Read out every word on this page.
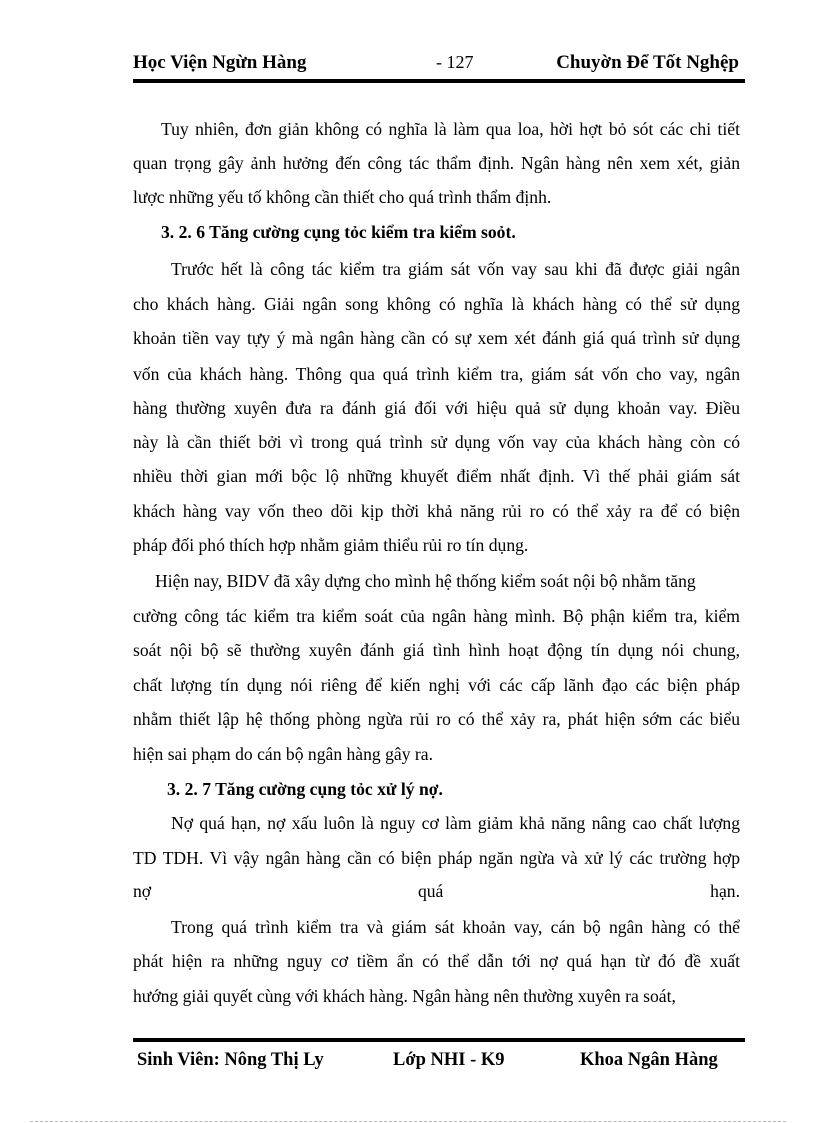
Học Viện Ngừn Hàng	- 127	Chuyờn Để Tốt Nghệp
Tuy nhiên, đơn giản không có nghĩa là làm qua loa, hời hợt bỏ sót các chi tiết
quan trọng gây ảnh hưởng đến công tác thẩm định. Ngân hàng nên xem xét, giản
lược những yếu tố không cần thiết cho quá trình thẩm định.
3. 2. 6 Tăng cường cụng tỏc kiểm tra kiểm soỏt.
Trước hết là công tác kiểm tra giám sát vốn vay sau khi đã được giải ngân
cho khách hàng. Giải ngân song không có nghĩa là khách hàng có thể sử dụng
khoản tiền vay tựy ý mà ngân hàng cần có sự xem xét đánh giá quá trình sử dụng
vốn của khách hàng. Thông qua quá trình kiểm tra, giám sát vốn cho vay, ngân
hàng thường xuyên đưa ra đánh giá đối với hiệu quả sử dụng khoản vay. Điều
này là cần thiết bởi vì trong quá trình sử dụng vốn vay của khách hàng còn có
nhiều thời gian mới bộc lộ những khuyết điểm nhất định. Vì thế phải giám sát
khách hàng vay vốn theo dõi kịp thời khả năng rủi ro có thể xảy ra để có biện
pháp đối phó thích hợp nhằm giảm thiểu rủi ro tín dụng.
Hiện nay, BIDV đã xây dựng cho mình hệ thống kiểm soát nội bộ nhằm tăng
cường công tác kiểm tra kiểm soát của ngân hàng mình. Bộ phận kiểm tra, kiểm
soát nội bộ sẽ thường xuyên đánh giá tình hình hoạt động tín dụng nói chung,
chất lượng tín dụng nói riêng để kiến nghị với các cấp lãnh đạo các biện pháp
nhằm thiết lập hệ thống phòng ngừa rủi ro có thể xảy ra, phát hiện sớm các biểu
hiện sai phạm do cán bộ ngân hàng gây ra.
3. 2. 7 Tăng cường cụng tỏc xử lý nợ.
Nợ quá hạn, nợ xấu luôn là nguy cơ làm giảm khả năng nâng cao chất lượng
TD TDH. Vì vậy ngân hàng cần có biện pháp ngăn ngừa và xử lý các trường hợp
nợ	quá	hạn.
Trong quá trình kiểm tra và giám sát khoản vay, cán bộ ngân hàng có thể
phát hiện ra những nguy cơ tiềm ẩn có thể dẫn tới nợ quá hạn từ đó đề xuất
hướng giải quyết cùng với khách hàng. Ngân hàng nên thường xuyên ra soát,
Sinh Viên: Nông Thị Ly	Lớp NHI - K9	Khoa Ngân Hàng
